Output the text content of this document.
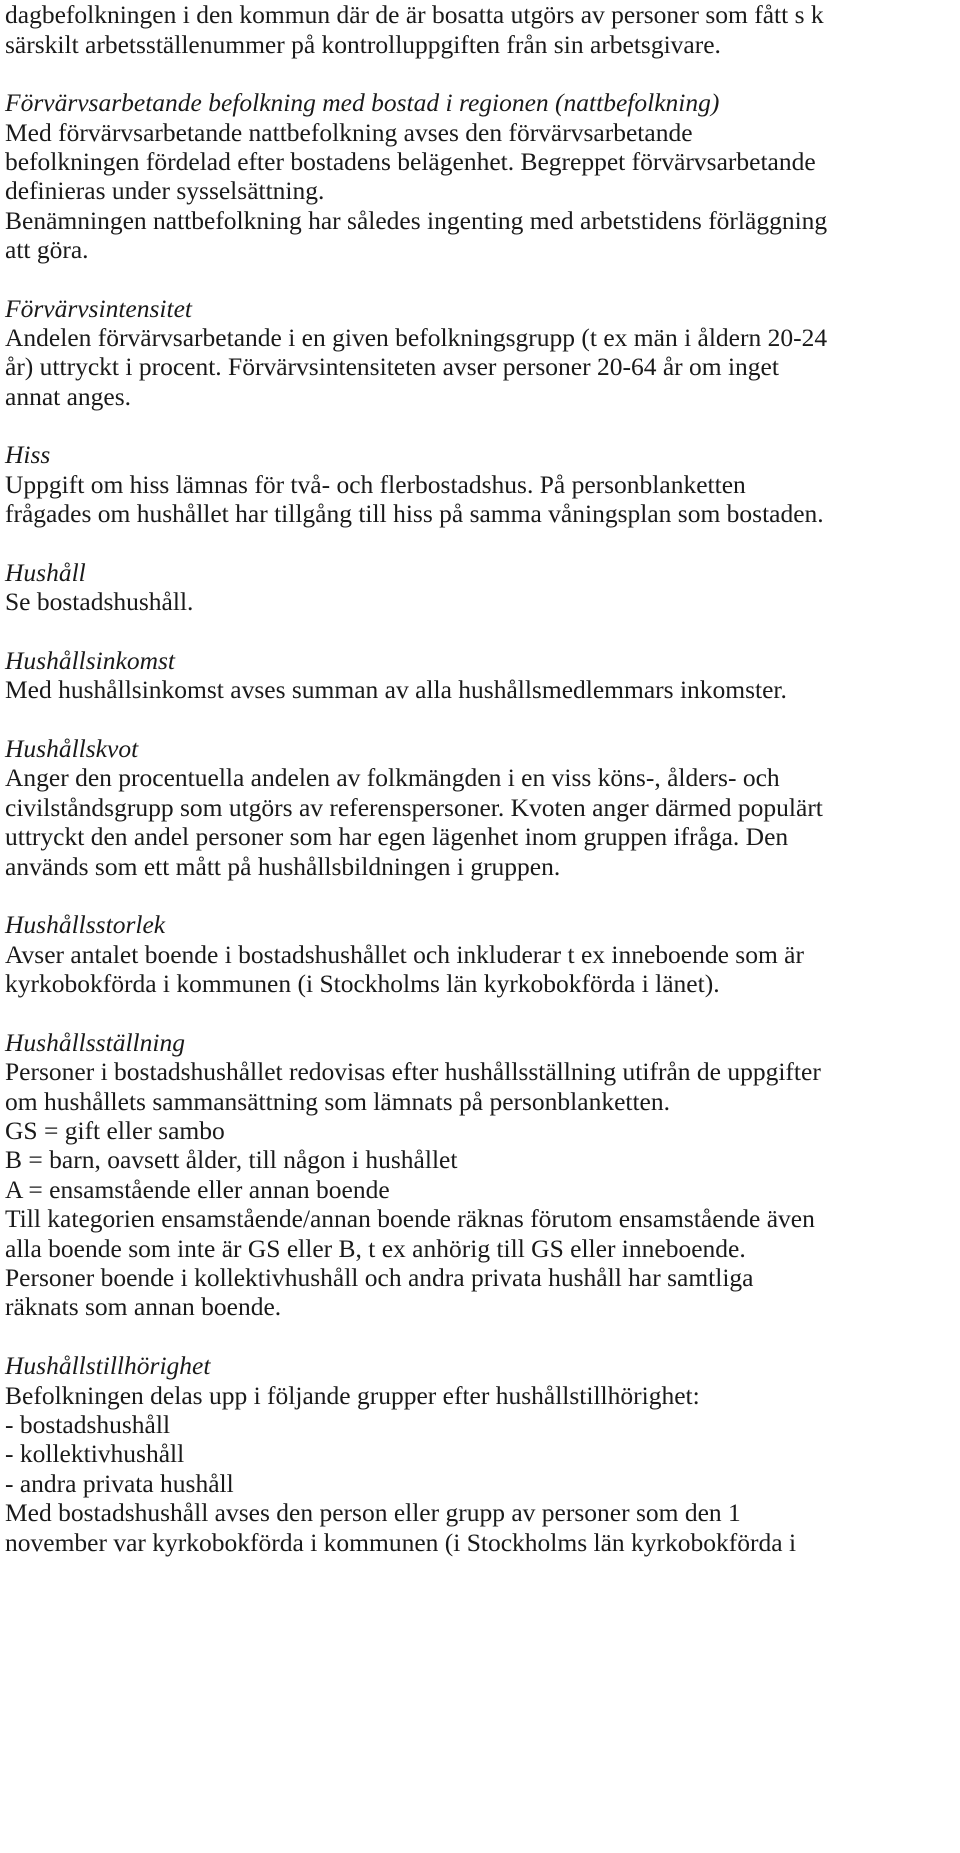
dagbefolkningen i den kommun där de är bosatta utgörs av personer som fått s k
särskilt arbetsställenummer på kontrolluppgiften från sin arbetsgivare.
Förvärvsarbetande befolkning med bostad i regionen (nattbefolkning)
Med förvärvsarbetande nattbefolkning avses den förvärvsarbetande
befolkningen fördelad efter bostadens belägenhet. Begreppet förvärvsarbetande
definieras under sysselsättning.
Benämningen nattbefolkning har således ingenting med arbetstidens förläggning
att göra.
Förvärvsintensitet
Andelen förvärvsarbetande i en given befolkningsgrupp (t ex män i åldern 20-24
år) uttryckt i procent. Förvärvsintensiteten avser personer 20-64 år om inget
annat anges.
Hiss
Uppgift om hiss lämnas för två- och flerbostadshus. På personblanketten
frågades om hushållet har tillgång till hiss på samma våningsplan som bostaden.
Hushåll
Se bostadshushåll.
Hushållsinkomst
Med hushållsinkomst avses summan av alla hushållsmedlemmars inkomster.
Hushållskvot
Anger den procentuella andelen av folkmängden i en viss köns-, ålders- och
civilståndsgrupp som utgörs av referenspersoner. Kvoten anger därmed populärt
uttryckt den andel personer som har egen lägenhet inom gruppen ifråga. Den
används som ett mått på hushållsbildningen i gruppen.
Hushållsstorlek
Avser antalet boende i bostadshushållet och inkluderar t ex inneboende som är
kyrkobokförda i kommunen (i Stockholms län kyrkobokförda i länet).
Hushållsställning
Personer i bostadshushållet redovisas efter hushållsställning utifrån de uppgifter
om hushållets sammansättning som lämnats på personblanketten.
GS = gift eller sambo
B = barn, oavsett ålder, till någon i hushållet
A = ensamstående eller annan boende
Till kategorien ensamstående/annan boende räknas förutom ensamstående även
alla boende som inte är GS eller B, t ex anhörig till GS eller inneboende.
Personer boende i kollektivhushåll och andra privata hushåll har samtliga
räknats som annan boende.
Hushållstillhörighet
Befolkningen delas upp i följande grupper efter hushållstillhörighet:
- bostadshushåll
- kollektivhushåll
- andra privata hushåll
Med bostadshushåll avses den person eller grupp av personer som den 1
november var kyrkobokförda i kommunen (i Stockholms län kyrkobokförda i
